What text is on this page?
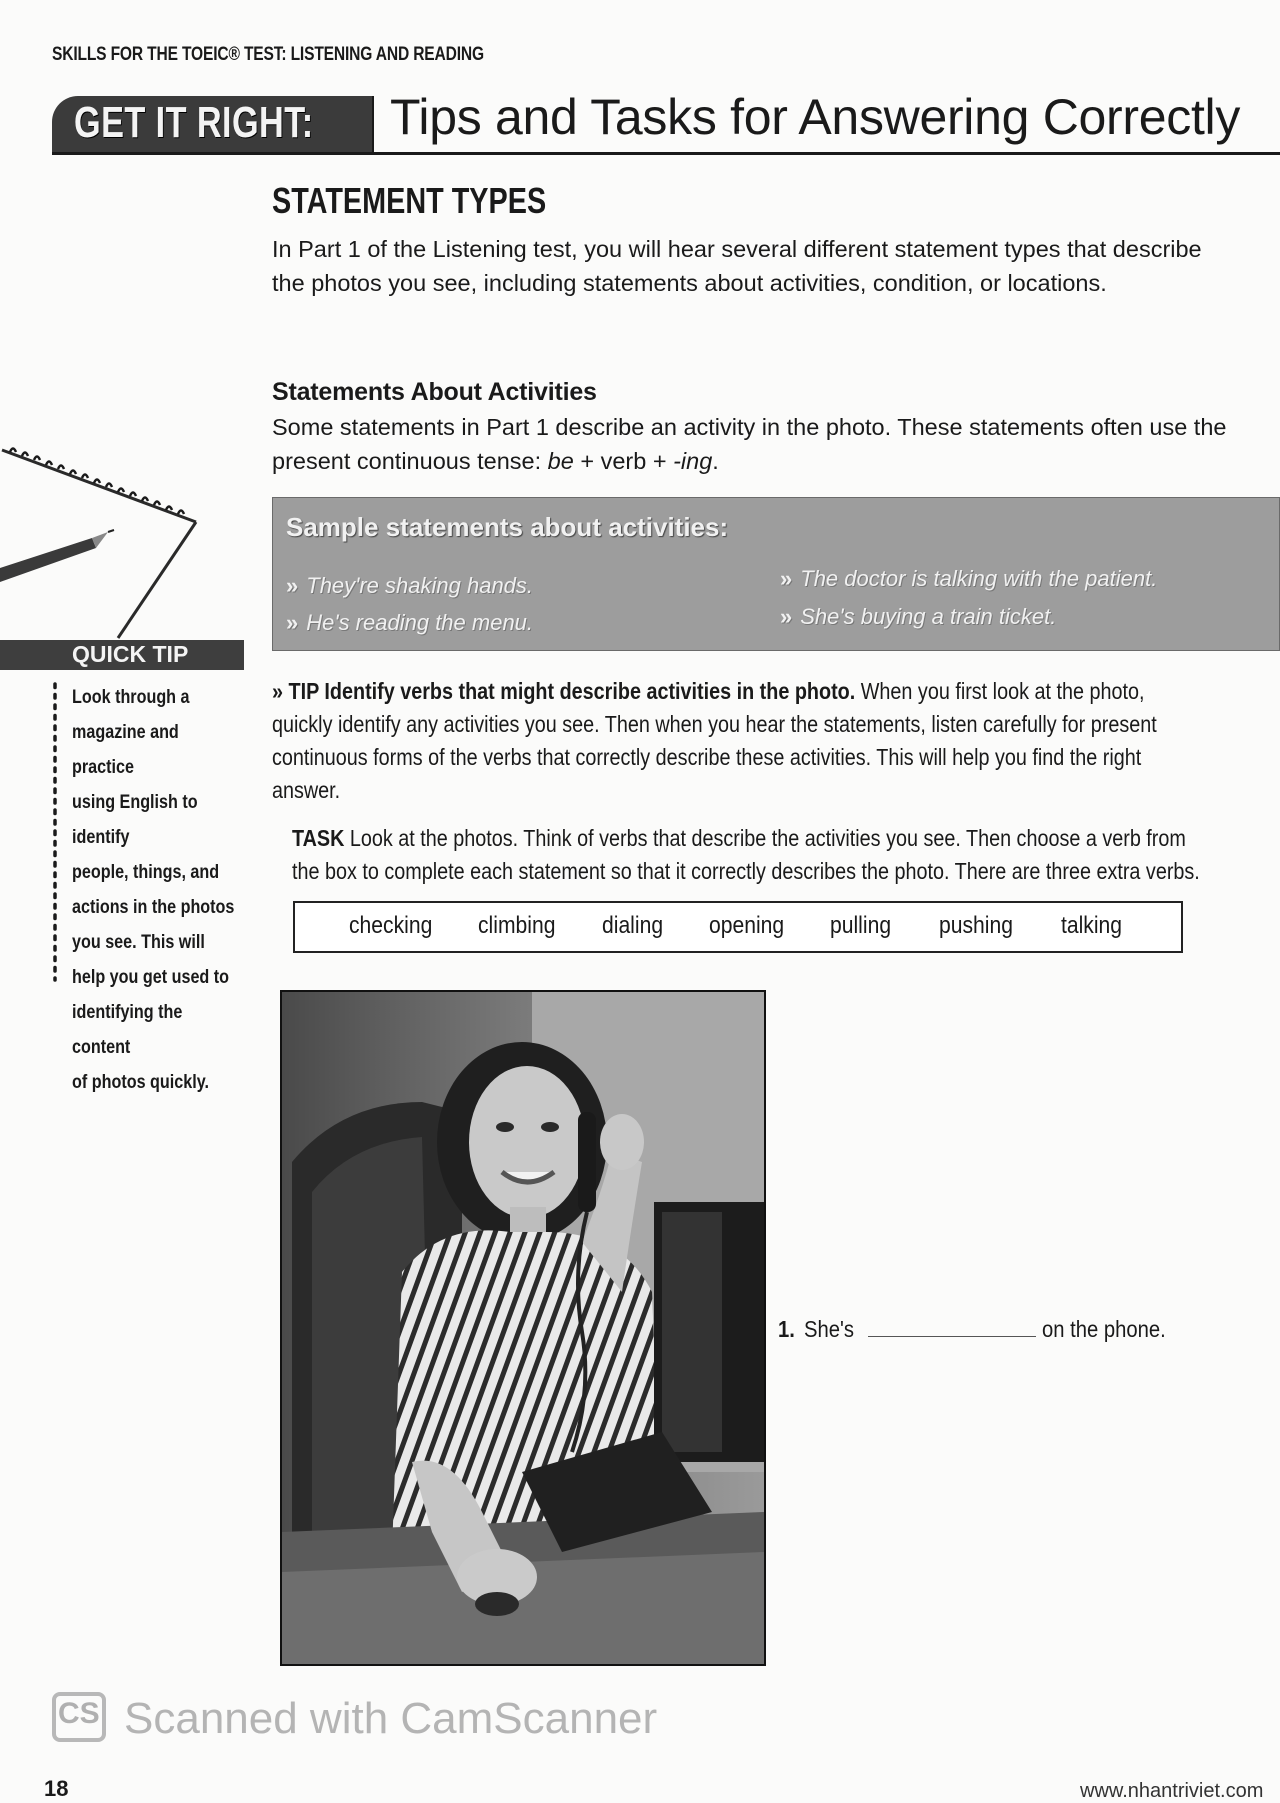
SKILLS FOR THE TOEIC® TEST: LISTENING AND READING
GET IT RIGHT: Tips and Tasks for Answering Correctly
STATEMENT TYPES
In Part 1 of the Listening test, you will hear several different statement types that describe the photos you see, including statements about activities, condition, or locations.
Statements About Activities
Some statements in Part 1 describe an activity in the photo. These statements often use the present continuous tense: be + verb + -ing.
Sample statements about activities:
» They're shaking hands.
» He's reading the menu.
» The doctor is talking with the patient.
» She's buying a train ticket.
QUICK TIP
Look through a
magazine and practice
using English to identify
people, things, and
actions in the photos
you see. This will
help you get used to
identifying the content
of photos quickly.
» TIP Identify verbs that might describe activities in the photo. When you first look at the photo, quickly identify any activities you see. Then when you hear the statements, listen carefully for present continuous forms of the verbs that correctly describe these activities. This will help you find the right answer.
TASK Look at the photos. Think of verbs that describe the activities you see. Then choose a verb from the box to complete each statement so that it correctly describes the photo. There are three extra verbs.
checking climbing dialing opening pulling pushing talking
1. She's	on the phone.
CS Scanned with CamScanner
18	www.nhantriviet.com
